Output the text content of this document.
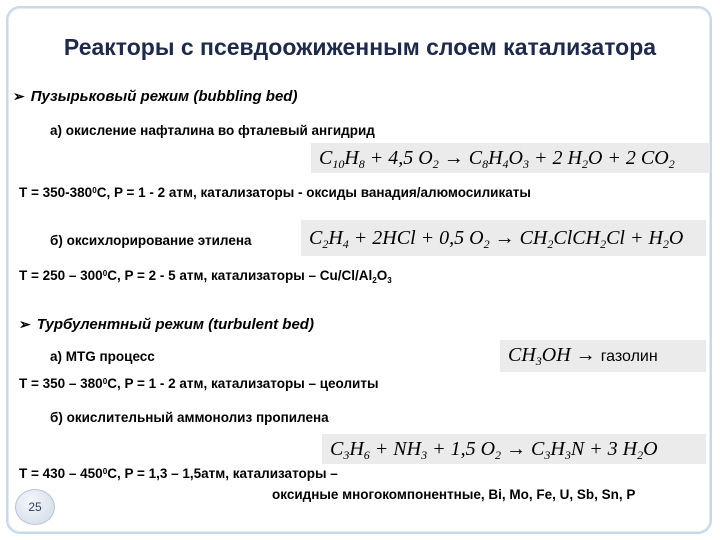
Реакторы с псевдоожиженным слоем катализатора
➢ Пузырьковый режим (bubbling bed)
а) окисление нафталина во фталевый ангидрид
$C_{10}H_8 + 4,5$ $O_2 \to C_8H_4O_3 + 2$ $H_2O + 2$ $CO_2$
$T = 350-380^0C$, P = 1 - 2 атм, катализаторы - оксиды ванадия/алюмосиликаты
б) оксихлорирование этилена	$C_2H_4 + 2HCl + 0,5$ $O_2$ → $CH_2ClCH_2Cl + H_2O$
$T = 250 - 300^0C$, P = 2 - 5 атм, катализаторы – $Cu/Cl/Al_2O_3$
➢ Турбулентный режим (turbulent bed)
а) MTG процесс	$CH_3OH$ → газолин
$T = 350 - 380^0C$, P = 1 - 2 атм, катализаторы – цеолиты
б) окислительный аммонолиз пропилена
$C_3H_6 + NH_3 + 1,5$ $O_2 \to C_3H_3N + 3$ $H_2O$
$T = 430 - 450^0C$, P = 1,3 – 1,5атм, катализаторы –
оксидные многокомпонентные, Bi, Mo, Fe, U, Sb, Sn, P
25
